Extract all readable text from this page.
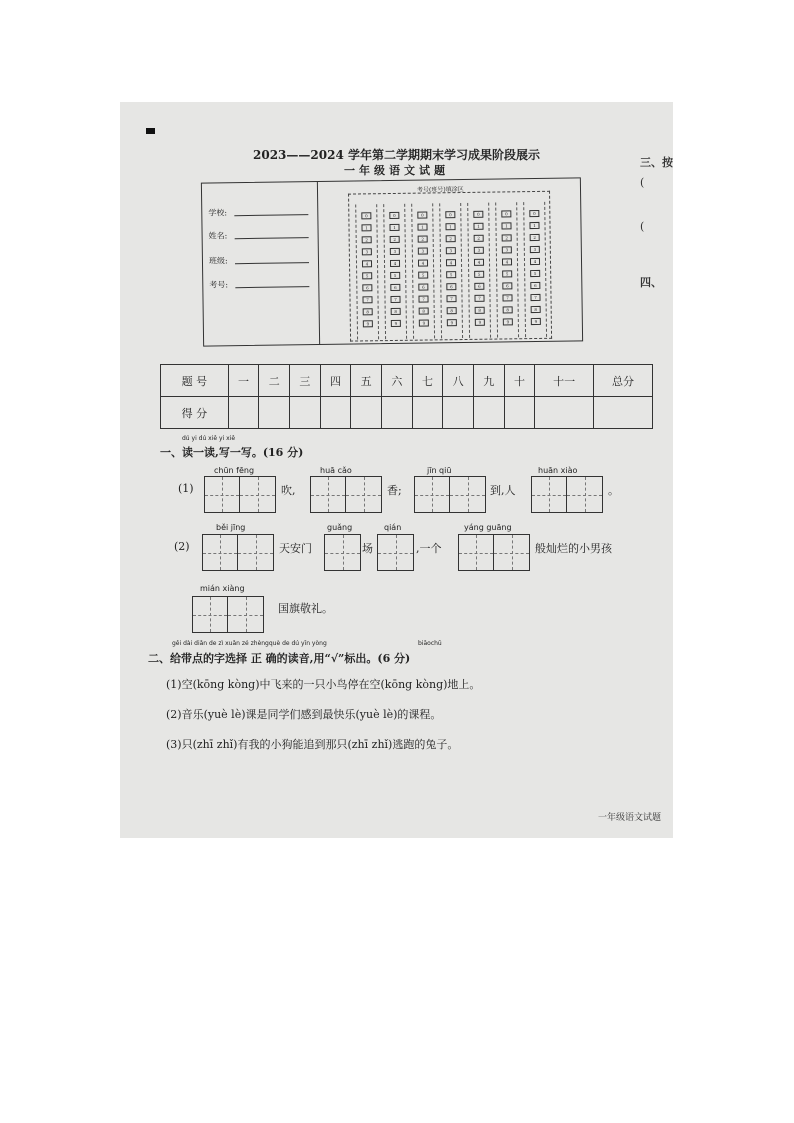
2023——2024 学年第二学期期末学习成果阶段展示
一年级语文试题
三、按
(
(
四、
学校:
姓名:
班级:
考号:
考号(班号)填涂区
0
1
2
3
4
5
6
7
8
9
0
1
2
3
4
5
6
7
8
9
0
1
2
3
4
5
6
7
8
9
0
1
2
3
4
5
6
7
8
9
0
1
2
3
4
5
6
7
8
9
0
1
2
3
4
5
6
7
8
9
0
1
2
3
4
5
6
7
8
9
题 号	一	二	三	四	五	六	七	八	九	十	十一	总分
得 分												
dú yi dú xiě yi xiě
一、读一读,写一写。(16 分)
chūn fēng	huā cǎo	jīn qiū	huān xiào
(1)	吹,	香;	到,人	。
běi jīng	guǎng	qián	yáng guāng
(2)	天安门	场	,一个	般灿烂的小男孩
mián xiàng
国旗敬礼。
gěi dài diǎn de zì xuǎn zé zhèngquè de dú yīn yòng	biāochū
二、给带点的字选择 正 确的读音,用“√”标出。(6 分)
(1)空(kōng kòng)中飞来的一只小鸟停在空(kōng kòng)地上。
(2)音乐(yuè lè)课是同学们感到最快乐(yuè lè)的课程。
(3)只(zhī zhǐ)有我的小狗能追到那只(zhī zhǐ)逃跑的兔子。
一年级语文试题
